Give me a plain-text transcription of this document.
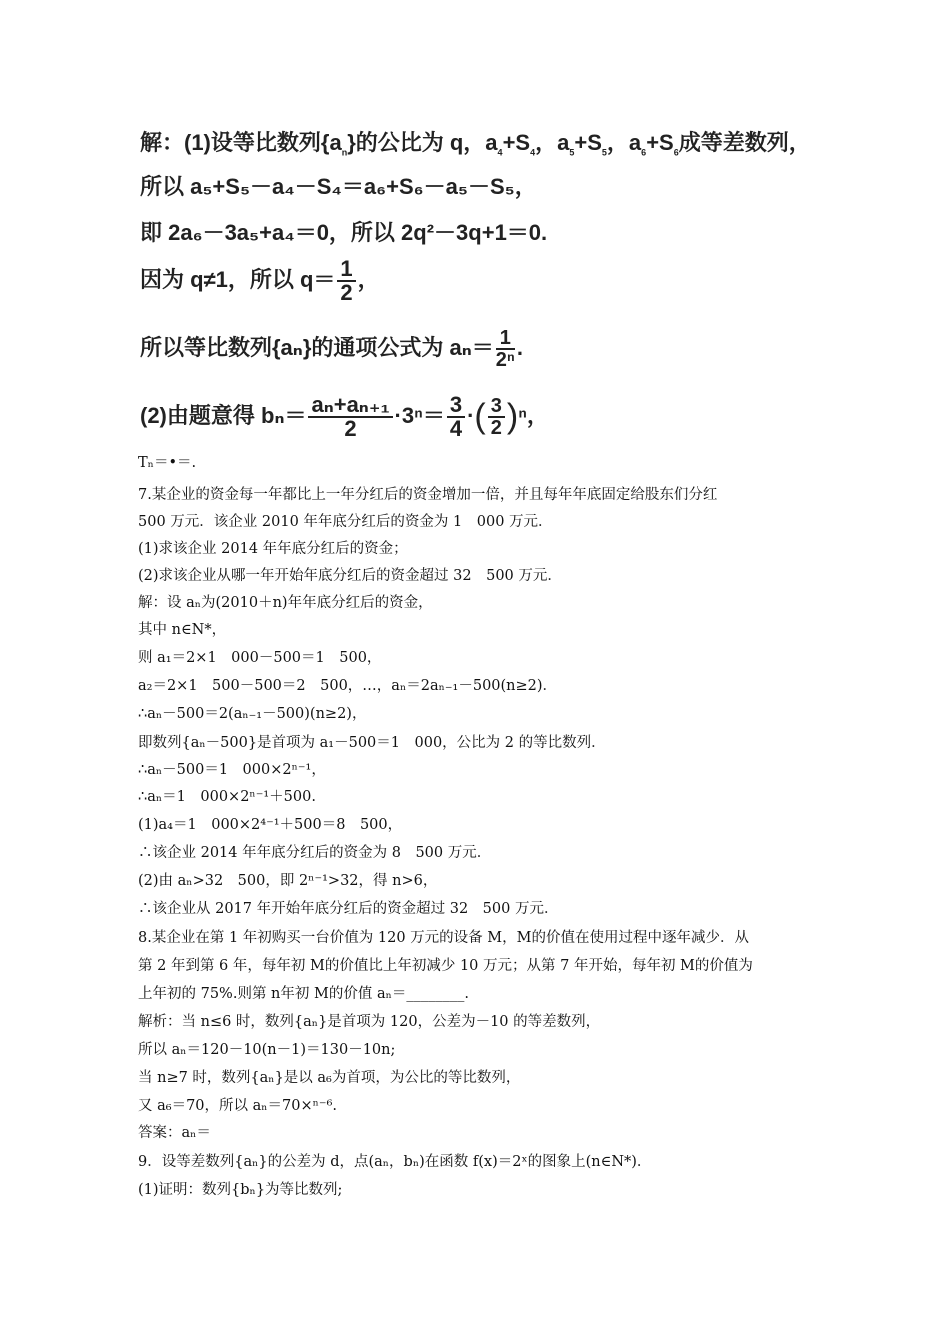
解：(1)设等比数列$\{a_n\}$的公比为 q，$a_4+S_4$，$a_5+S_5$，$a_6+S_6$成等差数列，
所以 a₅+S₅－a₄－S₄＝a₆+S₆－a₅－S₅，
即 2a₆－3a₅+a₄＝0，所以 2q²－3q+1＝0.
因为 q≠1，所以 $q= \frac{1}{2}$ ，
所以等比数列{aₙ}的通项公式为 $a_n= \frac{1}{\text{2ⁿ}}$ .
(2)由题意得 $b_n= \frac{\text{aₙ+aₙ₊₁}}{2} \cdot 3^n= \frac{3}{4}$ ·( $\frac{3}{2} )^n$，
Tₙ＝•＝.
7.某企业的资金每一年都比上一年分红后的资金增加一倍，并且每年年底固定给股东们分红
500 万元．该企业 2010 年年底分红后的资金为 1　000 万元．
(1)求该企业 2014 年年底分红后的资金；
(2)求该企业从哪一年开始年底分红后的资金超过 32　500 万元．
解：设 aₙ为(2010＋n)年年底分红后的资金，
其中 n∈N*，
则 a₁＝2×1　000－500＝1　500，
a₂＝2×1　500－500＝2　500，…，aₙ＝2aₙ₋₁－500(n≥2)．
∴aₙ－500＝2(aₙ₋₁－500)(n≥2)，
即数列{aₙ－500}是首项为 a₁－500＝1　000，公比为 2 的等比数列．
∴aₙ－500＝1　000×2ⁿ⁻¹，
∴aₙ＝1　000×2ⁿ⁻¹＋500.
(1)a₄＝1　000×2⁴⁻¹＋500＝8　500，
∴该企业 2014 年年底分红后的资金为 8　500 万元．
(2)由 aₙ>32　500，即 2ⁿ⁻¹>32，得 n>6，
∴该企业从 2017 年开始年底分红后的资金超过 32　500 万元．
8.某企业在第 1 年初购买一台价值为 120 万元的设备 M，M的价值在使用过程中逐年减少．从
第 2 年到第 6 年，每年初 M的价值比上年初减少 10 万元；从第 7 年开始，每年初 M的价值为
上年初的 75%.则第 n年初 M的价值 aₙ＝________.
解析：当 n≤6 时，数列{aₙ}是首项为 120，公差为－10 的等差数列，
所以 aₙ＝120－10(n－1)＝130－10n;
当 n≥7 时，数列{aₙ}是以 a₆为首项，为公比的等比数列，
又 a₆＝70，所以 aₙ＝70×ⁿ⁻⁶.
答案：aₙ＝
9．设等差数列{aₙ}的公差为 d，点(aₙ，bₙ)在函数 f(x)＝2ˣ的图象上(n∈N*)．
(1)证明：数列{bₙ}为等比数列;
